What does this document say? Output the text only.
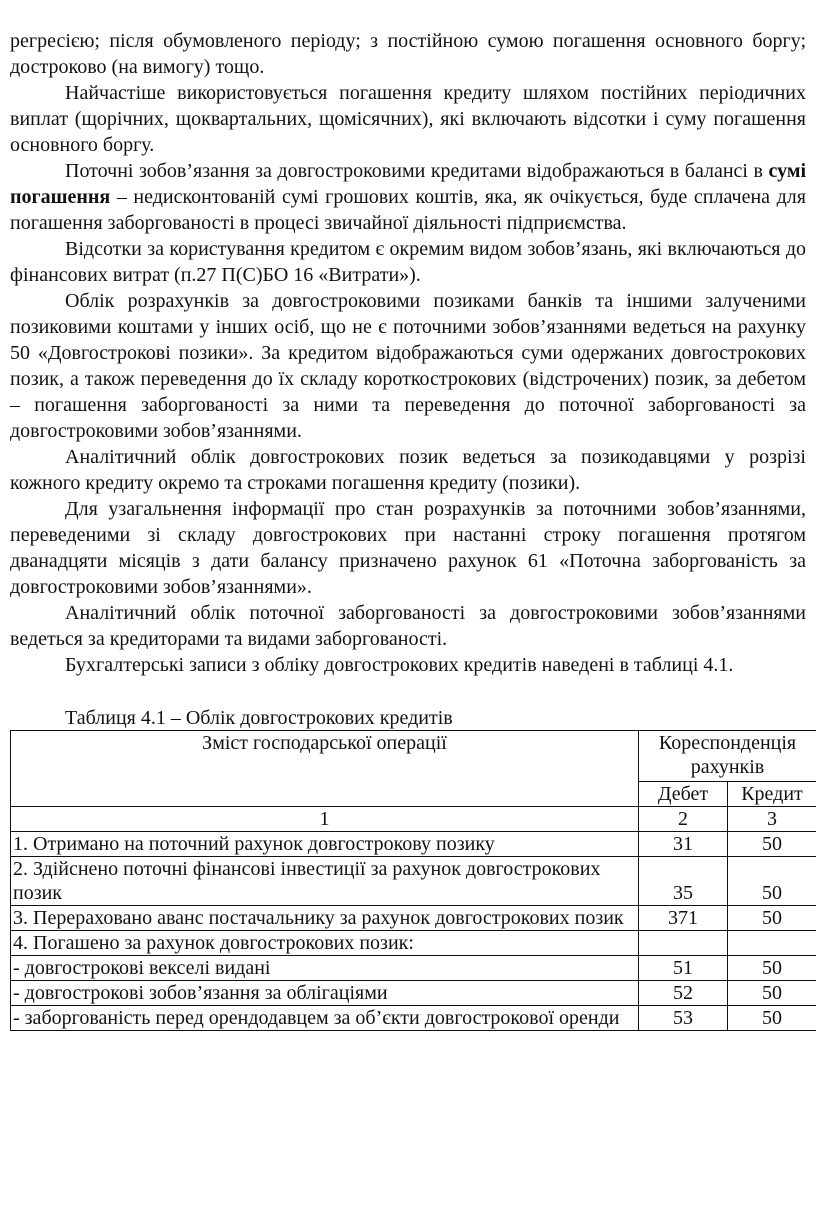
регресією; після обумовленого періоду; з постійною сумою погашення основного боргу; достроково (на вимогу) тощо.

Найчастіше використовується погашення кредиту шляхом постійних періодичних виплат (щорічних, щоквартальних, щомісячних), які включають відсотки і суму погашення основного боргу.

Поточні зобов’язання за довгостроковими кредитами відображаються в балансі в сумі погашення – недисконтованій сумі грошових коштів, яка, як очікується, буде сплачена для погашення заборгованості в процесі звичайної діяльності підприємства.

Відсотки за користування кредитом є окремим видом зобов’язань, які включаються до фінансових витрат (п.27 П(С)БО 16 «Витрати»).

Облік розрахунків за довгостроковими позиками банків та іншими залученими позиковими коштами у інших осіб, що не є поточними зобов’язаннями ведеться на рахунку 50 «Довгострокові позики». За кредитом відображаються суми одержаних довгострокових позик, а також переведення до їх складу короткострокових (відстрочених) позик, за дебетом – погашення заборгованості за ними та переведення до поточної заборгованості за довгостроковими зобов’язаннями.

Аналітичний облік довгострокових позик ведеться за позикодавцями у розрізі кожного кредиту окремо та строками погашення кредиту (позики).

Для узагальнення інформації про стан розрахунків за поточними зобов’язаннями, переведеними зі складу довгострокових при настанні строку погашення протягом дванадцяти місяців з дати балансу призначено рахунок 61 «Поточна заборгованість за довгостроковими зобов’язаннями».

Аналітичний облік поточної заборгованості за довгостроковими зобов’язаннями ведеться за кредиторами та видами заборгованості.

Бухгалтерські записи з обліку довгострокових кредитів наведені в таблиці 4.1.

Таблиця 4.1 – Облік довгострокових кредитів
Зміст господарської операції	Кореспонденція рахунків	
	Дебет	Кредит
1	2	3
1. Отримано на поточний рахунок довгострокову позику	31	50
2. Здійснено поточні фінансові інвестиції за рахунок довгострокових позик	35	50
3. Перераховано аванс постачальнику за рахунок довгострокових позик	371	50
4. Погашено за рахунок довгострокових позик:		
- довгострокові векселі видані	51	50
- довгострокові зобов’язання за облігаціями	52	50
- заборгованість перед орендодавцем за об’єкти довгострокової оренди	53	50
